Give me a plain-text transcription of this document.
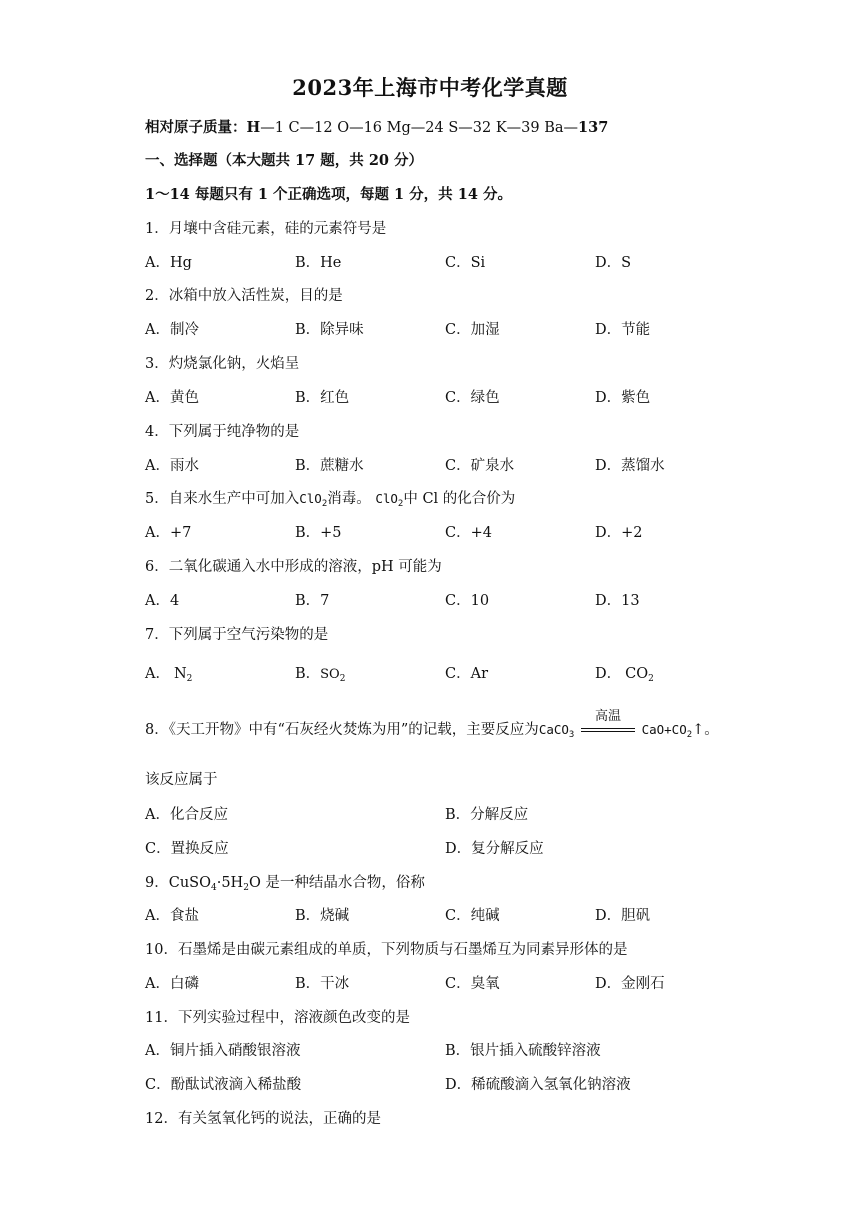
2023年上海市中考化学真题
相对原子质量：H—1 C—12 O—16 Mg—24 S—32 K—39 Ba—137
一、选择题（本大题共 17 题，共 20 分）
1～14 每题只有 1 个正确选项，每题 1 分，共 14 分。
1．月壤中含硅元素，硅的元素符号是
A．Hg	B．He	C．Si	D．S
2．冰箱中放入活性炭，目的是
A．制冷	B．除异味	C．加湿	D．节能
3．灼烧氯化钠，火焰呈
A．黄色	B．红色	C．绿色	D．紫色
4．下列属于纯净物的是
A．雨水	B．蔗糖水	C．矿泉水	D．蒸馏水
5．自来水生产中可加入ClO$_2$消毒。 ClO$_2$中 Cl 的化合价为
A．+7	B．+5	C．+4	D．+2
6．二氧化碳通入水中形成的溶液，pH 可能为
A．4	B．7	C．10	D．13
7．下列属于空气污染物的是
A． $N_2$	B．$SO_2$	C．Ar	D． $CO_2$
8．《天工开物》中有“石灰经火焚炼为用”的记载，主要反应为CaCO$_3$
高温
$CaO+CO_2↑$。
该反应属于
A．化合反应	B．分解反应
C．置换反应	D．复分解反应
9．$CuSO_4\cdot 5H_2O$ 是一种结晶水合物，俗称
A．食盐	B．烧碱	C．纯碱	D．胆矾
10．石墨烯是由碳元素组成的单质，下列物质与石墨烯互为同素异形体的是
A．白磷	B．干冰	C．臭氧	D．金刚石
11．下列实验过程中，溶液颜色改变的是
A．铜片插入硝酸银溶液	B．银片插入硫酸锌溶液
C．酚酞试液滴入稀盐酸	D．稀硫酸滴入氢氧化钠溶液
12．有关氢氧化钙的说法，正确的是
